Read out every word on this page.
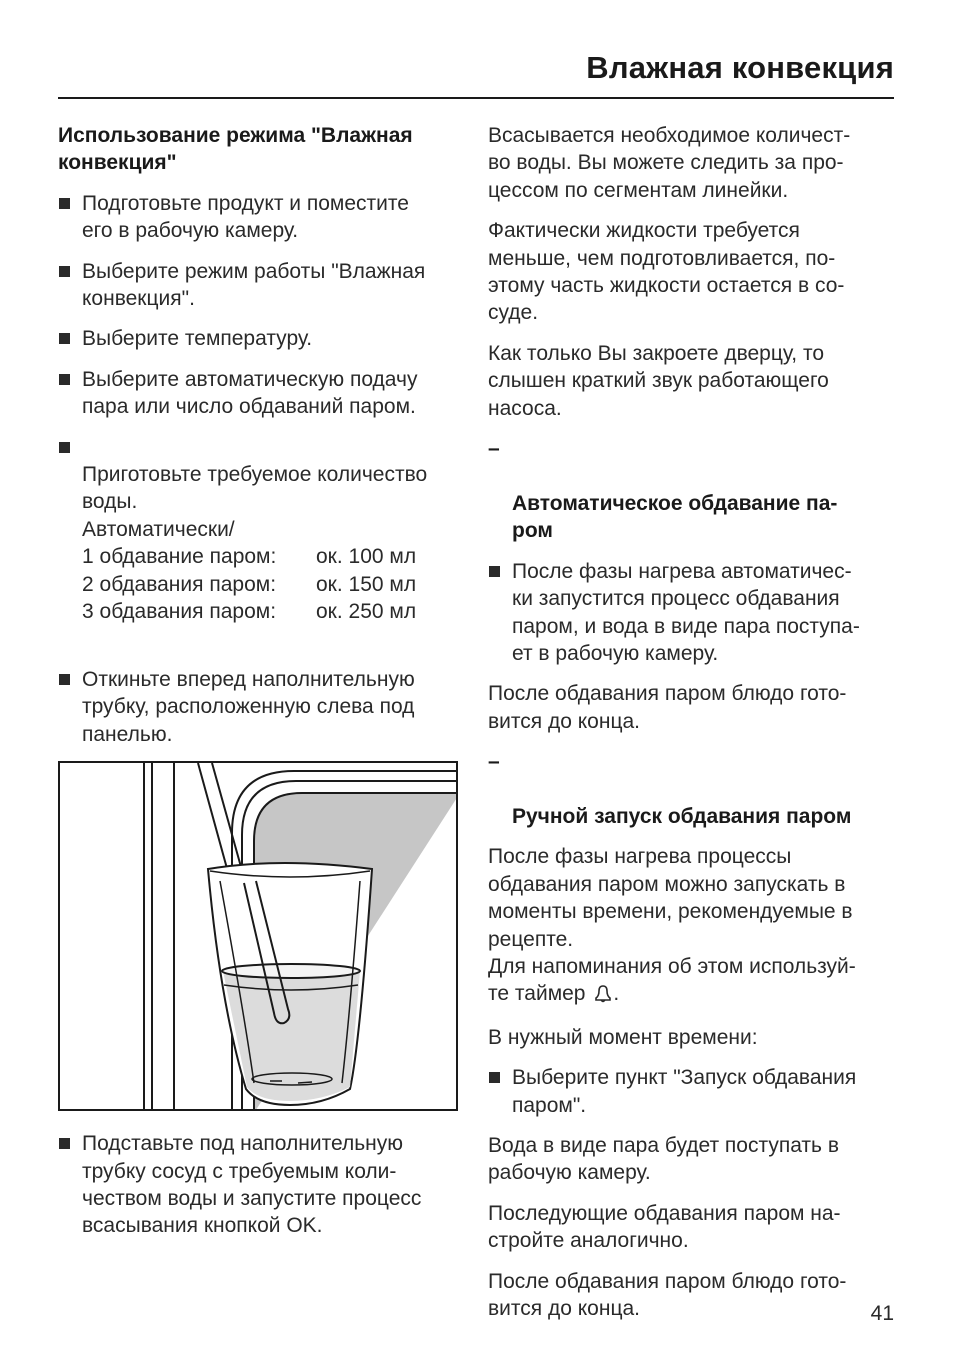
Влажная конвекция
Использование режима "Влажная
конвекция"
Подготовьте продукт и поместите
его в рабочую камеру.
Выберите режим работы "Влажная
конвекция".
Выберите температуру.
Выберите автоматическую подачу
пара или число обдаваний паром.

Приготовьте требуемое количество
воды.
Автоматически/

1 обдавание паром:	ок. 100 мл
2 обдавания паром:	ок. 150 мл
3 обдавания паром:	ок. 250 мл

Откиньте вперед наполнительную
трубку, расположенную слева под
панелью.
Подставьте под наполнительную
трубку сосуд с требуемым коли-
чеством воды и запустите процесс
всасывания кнопкой OK.
Всасывается необходимое количест-
во воды. Вы можете следить за про-
цессом по сегментам линейки.
Фактически жидкости требуется
меньше, чем подготовливается, по-
этому часть жидкости остается в со-
суде.
Как только Вы закроете дверцу, то
слышен краткий звук работающего
насоса.

–

Автоматическое обдавание па-
ром

После фазы нагрева автоматичес-
ки запустится процесс обдавания
паром, и вода в виде пара поступа-
ет в рабочую камеру.
После обдавания паром блюдо гото-
вится до конца.

–

Ручной запуск обдавания паром

После фазы нагрева процессы
обдавания паром можно запускать в
моменты времени, рекомендуемые в
рецепте.
Для напоминания об этом используй-
те таймер .
В нужный момент времени:
Выберите пункт "Запуск обдавания
паром".
Вода в виде пара будет поступать в
рабочую камеру.
Последующие обдавания паром на-
стройте аналогично.
После обдавания паром блюдо гото-
вится до конца.	41
